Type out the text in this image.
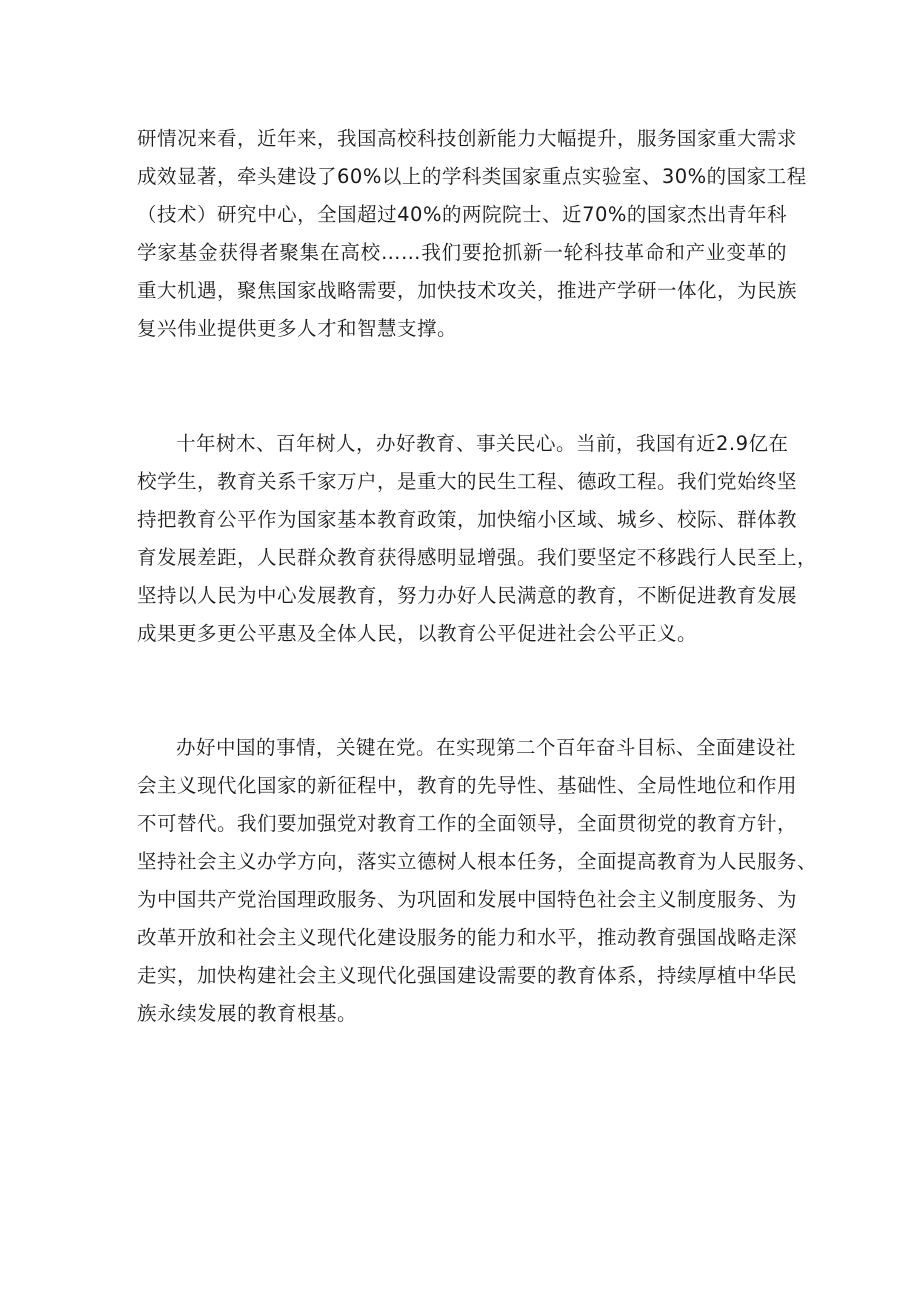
研情况来看，近年来，我国高校科技创新能力大幅提升，服务国家重大需求
成效显著，牵头建设了60%以上的学科类国家重点实验室、30%的国家工程
（技术）研究中心，全国超过40%的两院院士、近70%的国家杰出青年科
学家基金获得者聚集在高校……我们要抢抓新一轮科技革命和产业变革的
重大机遇，聚焦国家战略需要，加快技术攻关，推进产学研一体化，为民族
复兴伟业提供更多人才和智慧支撑。
十年树木、百年树人，办好教育、事关民心。当前，我国有近2.9亿在
校学生，教育关系千家万户，是重大的民生工程、德政工程。我们党始终坚
持把教育公平作为国家基本教育政策，加快缩小区域、城乡、校际、群体教
育发展差距，人民群众教育获得感明显增强。我们要坚定不移践行人民至上，
坚持以人民为中心发展教育，努力办好人民满意的教育，不断促进教育发展
成果更多更公平惠及全体人民，以教育公平促进社会公平正义。
办好中国的事情，关键在党。在实现第二个百年奋斗目标、全面建设社
会主义现代化国家的新征程中，教育的先导性、基础性、全局性地位和作用
不可替代。我们要加强党对教育工作的全面领导，全面贯彻党的教育方针，
坚持社会主义办学方向，落实立德树人根本任务，全面提高教育为人民服务、
为中国共产党治国理政服务、为巩固和发展中国特色社会主义制度服务、为
改革开放和社会主义现代化建设服务的能力和水平，推动教育强国战略走深
走实，加快构建社会主义现代化强国建设需要的教育体系，持续厚植中华民
族永续发展的教育根基。
